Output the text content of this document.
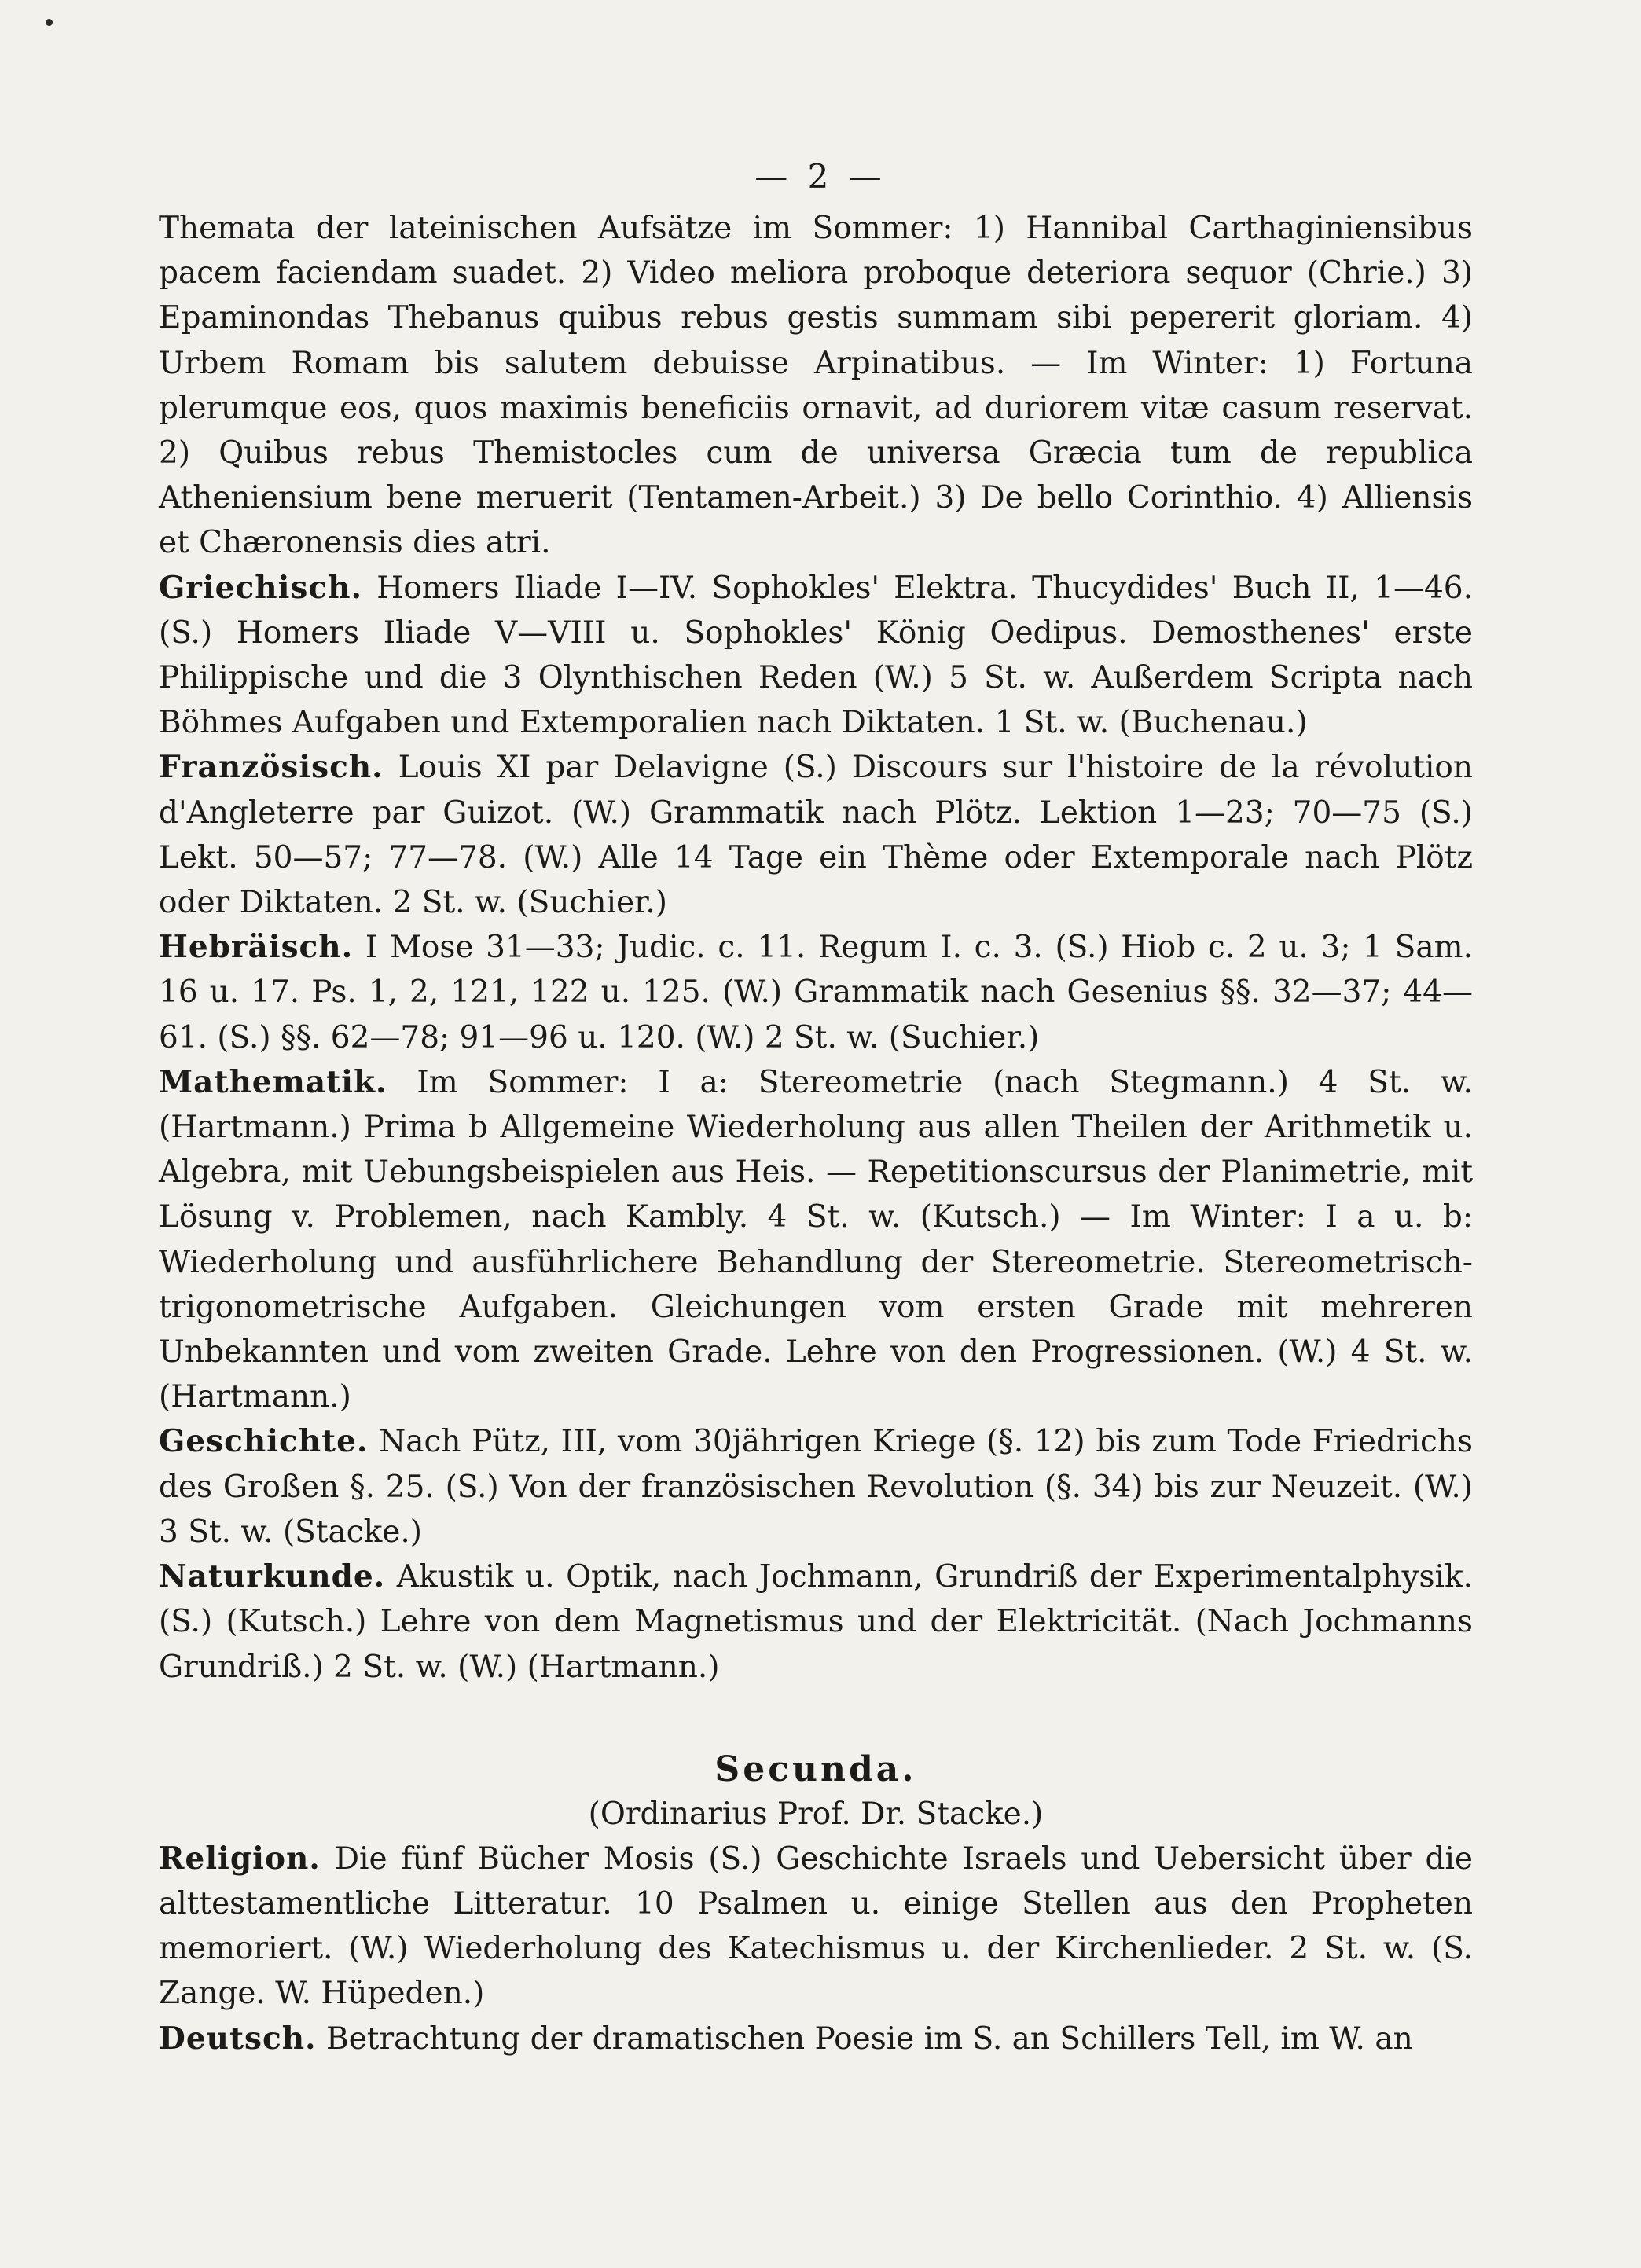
— 2 —

Themata der lateinischen Aufsätze im Sommer: 1) Hannibal Carthaginiensibus pacem faciendam suadet. 2) Video meliora proboque deteriora sequor (Chrie.) 3) Epaminondas Thebanus quibus rebus gestis summam sibi pepererit gloriam. 4) Urbem Romam bis salutem debuisse Arpinatibus. — Im Winter: 1) Fortuna plerumque eos, quos maximis beneficiis ornavit, ad duriorem vitæ casum reservat. 2) Quibus rebus Themistocles cum de universa Græcia tum de republica Atheniensium bene meruerit (Tentamen-Arbeit.) 3) De bello Corinthio. 4) Alliensis et Chæronensis dies atri.

Griechisch. Homers Iliade I—IV. Sophokles' Elektra. Thucydides' Buch II, 1—46. (S.) Homers Iliade V—VIII u. Sophokles' König Oedipus. Demosthenes' erste Philippische und die 3 Olynthischen Reden (W.) 5 St. w. Außerdem Scripta nach Böhmes Aufgaben und Extemporalien nach Diktaten. 1 St. w. (Buchenau.)

Französisch. Louis XI par Delavigne (S.) Discours sur l'histoire de la révolution d'Angleterre par Guizot. (W.) Grammatik nach Plötz. Lektion 1—23; 70—75 (S.) Lekt. 50—57; 77—78. (W.) Alle 14 Tage ein Thème oder Extemporale nach Plötz oder Diktaten. 2 St. w. (Suchier.)

Hebräisch. I Mose 31—33; Judic. c. 11. Regum I. c. 3. (S.) Hiob c. 2 u. 3; 1 Sam. 16 u. 17. Ps. 1, 2, 121, 122 u. 125. (W.) Grammatik nach Gesenius §§. 32—37; 44—61. (S.) §§. 62—78; 91—96 u. 120. (W.) 2 St. w. (Suchier.)

Mathematik. Im Sommer: I a: Stereometrie (nach Stegmann.) 4 St. w. (Hartmann.) Prima b Allgemeine Wiederholung aus allen Theilen der Arithmetik u. Algebra, mit Uebungsbeispielen aus Heis. — Repetitionscursus der Planimetrie, mit Lösung v. Problemen, nach Kambly. 4 St. w. (Kutsch.) — Im Winter: I a u. b: Wiederholung und ausführlichere Behandlung der Stereometrie. Stereometrisch-trigonometrische Aufgaben. Gleichungen vom ersten Grade mit mehreren Unbekannten und vom zweiten Grade. Lehre von den Progressionen. (W.) 4 St. w. (Hartmann.)

Geschichte. Nach Pütz, III, vom 30jährigen Kriege (§. 12) bis zum Tode Friedrichs des Großen §. 25. (S.) Von der französischen Revolution (§. 34) bis zur Neuzeit. (W.) 3 St. w. (Stacke.)

Naturkunde. Akustik u. Optik, nach Jochmann, Grundriß der Experimentalphysik. (S.) (Kutsch.) Lehre von dem Magnetismus und der Elektricität. (Nach Jochmanns Grundriß.) 2 St. w. (W.) (Hartmann.)

Secunda.
(Ordinarius Prof. Dr. Stacke.)

Religion. Die fünf Bücher Mosis (S.) Geschichte Israels und Uebersicht über die alttestamentliche Litteratur. 10 Psalmen u. einige Stellen aus den Propheten memoriert. (W.) Wiederholung des Katechismus u. der Kirchenlieder. 2 St. w. (S. Zange. W. Hüpeden.)

Deutsch. Betrachtung der dramatischen Poesie im S. an Schillers Tell, im W. an
